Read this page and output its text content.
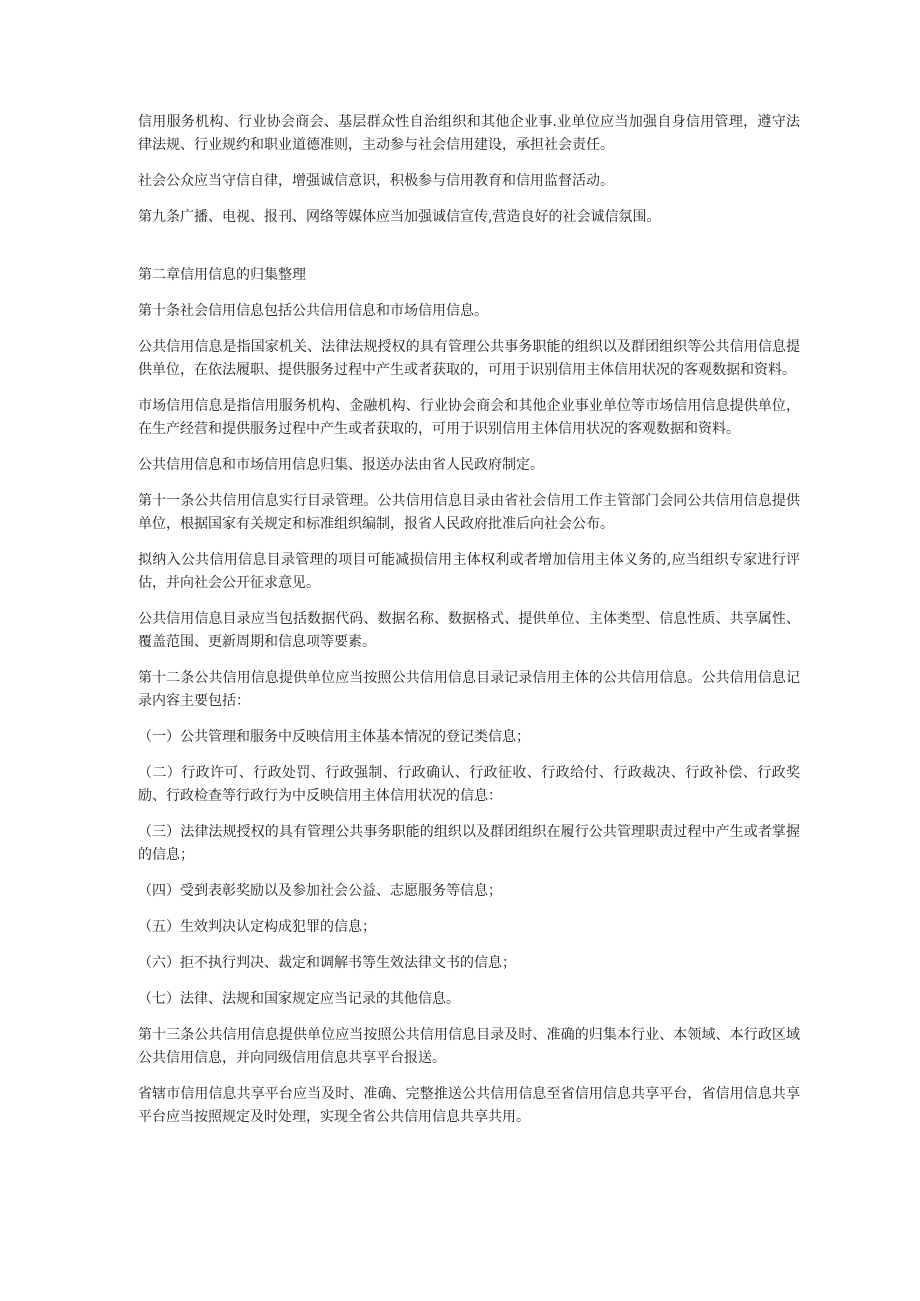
信用服务机构、行业协会商会、基层群众性自治组织和其他企业事.业单位应当加强自身信用管理，遵守法律法规、行业规约和职业道德准则，主动参与社会信用建设，承担社会责任。

社会公众应当守信自律，增强诚信意识，积极参与信用教育和信用监督活动。

第九条广播、电视、报刊、网络等媒体应当加强诚信宣传,营造良好的社会诚信氛围。

第二章信用信息的归集整理

第十条社会信用信息包括公共信用信息和市场信用信息。

公共信用信息是指国家机关、法律法规授权的具有管理公共事务职能的组织以及群团组织等公共信用信息提供单位，在依法履职、提供服务过程中产生或者获取的，可用于识别信用主体信用状况的客观数据和资料。

市场信用信息是指信用服务机构、金融机构、行业协会商会和其他企业事业单位等市场信用信息提供单位，在生产经营和提供服务过程中产生或者获取的，可用于识别信用主体信用状况的客观数据和资料。

公共信用信息和市场信用信息归集、报送办法由省人民政府制定。

第十一条公共信用信息实行目录管理。公共信用信息目录由省社会信用工作主管部门会同公共信用信息提供单位，根据国家有关规定和标准组织编制，报省人民政府批准后向社会公布。

拟纳入公共信用信息目录管理的项目可能减损信用主体权利或者增加信用主体义务的,应当组织专家进行评估，并向社会公开征求意见。

公共信用信息目录应当包括数据代码、数据名称、数据格式、提供单位、主体类型、信息性质、共享属性、覆盖范围、更新周期和信息项等要素。

第十二条公共信用信息提供单位应当按照公共信用信息目录记录信用主体的公共信用信息。公共信用信息记录内容主要包括：

（一）公共管理和服务中反映信用主体基本情况的登记类信息；

（二）行政许可、行政处罚、行政强制、行政确认、行政征收、行政给付、行政裁决、行政补偿、行政奖励、行政检查等行政行为中反映信用主体信用状况的信息：

（三）法律法规授权的具有管理公共事务职能的组织以及群团组织在履行公共管理职责过程中产生或者掌握的信息；

（四）受到表彰奖励以及参加社会公益、志愿服务等信息；

（五）生效判决认定构成犯罪的信息；

（六）拒不执行判决、裁定和调解书等生效法律文书的信息；

（七）法律、法规和国家规定应当记录的其他信息。

第十三条公共信用信息提供单位应当按照公共信用信息目录及时、准确的归集本行业、本领域、本行政区域公共信用信息，并向同级信用信息共享平台报送。

省辖市信用信息共享平台应当及时、准确、完整推送公共信用信息至省信用信息共享平台，省信用信息共享平台应当按照规定及时处理，实现全省公共信用信息共享共用。
